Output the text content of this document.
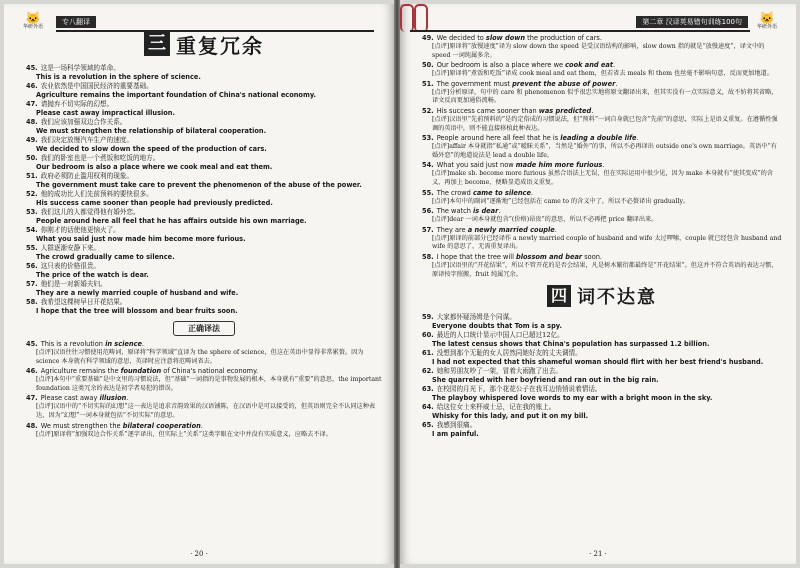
🐱
华研外语
专八翻译
三 重复冗余

45. 这是一场科学领域的革命。

This is a revolution in the sphere of science.

46. 农业依然是中国国民经济的重要基础。

Agriculture remains the important foundation of China's national economy.

47. 请抛弃不切实际的幻想。

Please cast away impractical illusion.

48. 我们应该加强双边合作关系。

We must strengthen the relationship of bilateral cooperation.

49. 我们决定放慢汽车生产的速度。

We decided to slow down the speed of the production of cars.

50. 我们的卧室也是一个煮饭和吃饭的地方。

Our bedroom is also a place where we cook meal and eat them.

51. 政府必须防止滥用权利的现象。

The government must take care to prevent the phenomenon of the abuse of the power.

52. 他的成功比人们先前预料的要快很多。

His success came sooner than people had previously predicted.

53. 我们这儿的人都觉得他有婚外恋。

People around here all feel that he has affairs outside his own marriage.

54. 你刚才的话使他更恼火了。

What you said just now made him become more furious.

55. 人群逐渐安静下来。

The crowd gradually came to silence.

56. 这只表的价格很贵。

The price of the watch is dear.

57. 他们是一对新婚夫妇。

They are a newly married couple of husband and wife.

58. 我希望这棵树早日开花结果。

I hope that the tree will blossom and bear fruits soon.

正确译法

45. This is a revolution in science.

[点评]汉语往往习惯使用范畴词，原译将“科学领域”直译为 the sphere of science，但这在英语中显得非常累赘。因为 science 本身就有科学领域的意思，英译时应注意将范畴词省去。

46. Agriculture remains the foundation of China's national economy.

[点评]本句中“重要基础”是中文里的习惯说法，但“基础”一词指的是事物发展的根本，本身就有“重要”的意思，the important foundation 这类冗余的表达是初学者易犯的错误。

47. Please cast away illusion.

[点评]汉语中的“不切实际的幻想”这一表达是追求音韵效果的汉语铺陈，在汉语中是可以接受的，但英语则完全不认同这种表达，因为“幻想”一词本身就包括“不切实际”的意思。

48. We must strengthen the bilateral cooperation.

[点评]原译将“加强双边合作关系”逐字译出，但实际上“关系”这类字眼在文中并没有实质意义，应略去不译。

· 20 ·
第二章 汉译英易错句训练100句	🐱
华研外语

49. We decided to slow down the production of cars.

[点评]原译将“放慢速度”译为 slow down the speed 是受汉语结构的影响，slow down 指的就是“放慢速度”，译文中的 speed 一词纯属多余。

50. Our bedroom is also a place where we cook and eat.

[点评]原译将“煮饭和吃饭”译成 cook meal and eat them，但若省去 meals 和 them 也丝毫不影响句意，反而更加地道。

51. The government must prevent the abuse of power.

[点评]分析原译，句中的 care 和 phenomenon 似乎很忠实地将原文翻译出来，但其实没有一点实际意义，故不妨将其省略，译文反而更加通俗流畅。

52. His success came sooner than was predicted.

[点评]汉语里“先前预料的”是约定俗成的习惯说法，但“预料”一词自身就已包含“先前”的意思，实际上是语义重复。在遵循性强调的英语中，则不能直接移植此种表达。

53. People around here all feel that he is leading a double life.

[点评]affair 本身就指“私通”或“暧昧关系”，当然是“婚外”的事，所以不必再译出 outside one's own marriage。英语中“有婚外恋”的地道说法是 lead a double life。

54. What you said just now made him more furious.

[点评]make sb. become more furious 虽然合语法上无误，但在实际运用中很少见，因为 make 本身就有“使其变成”的含义，再加上 become，便略显造成语义重复。

55. The crowd came to silence.

[点评]本句中的副词“逐渐地”已经包括在 came to 的含义中了，所以不必赘译出 gradually。

56. The watch is dear.

[点评]dear 一词本身就包含“(价格)昂贵”的意思，所以不必再把 price 翻译出来。

57. They are a newly married couple.

[点评]原译的前部分已经译作 a newly married couple of husband and wife 太过啰嗦，couple 就已经包含 husband and wife 的意思了，无需重复译出。

58. I hope that the tree will blossom and bear soon.

[点评]汉语里的“开花结果”，所以不管开花的是否会结果，凡是树木繁衍都最终是“开花结果”。但这并不符合英语的表达习惯，原译按字照搬，fruit 纯属冗余。

四 词不达意

59. 大家都怀疑汤姆是个同谋。

Everyone doubts that Tom is a spy.

60. 最近的人口统计显示中国人口已超过12亿。

The latest census shows that China's population has surpassed 1.2 billion.

61. 没想到那个无耻的女人居然同她好友的丈夫调情。

I had not expected that this shameful woman should flirt with her best friend's husband.

62. 她和男朋友吵了一架，冒着大雨跑了出去。

She quarreled with her boyfriend and ran out in the big rain.

63. 在校园的月光下，那个花花公子在我耳边悄悄说着情话。

The playboy whispered love words to my ear with a bright moon in the sky.

64. 给这位女士来杯威士忌，记在我的账上。

Whisky for this lady, and put it on my bill.

65. 我感到很痛。

I am painful.

· 21 ·
